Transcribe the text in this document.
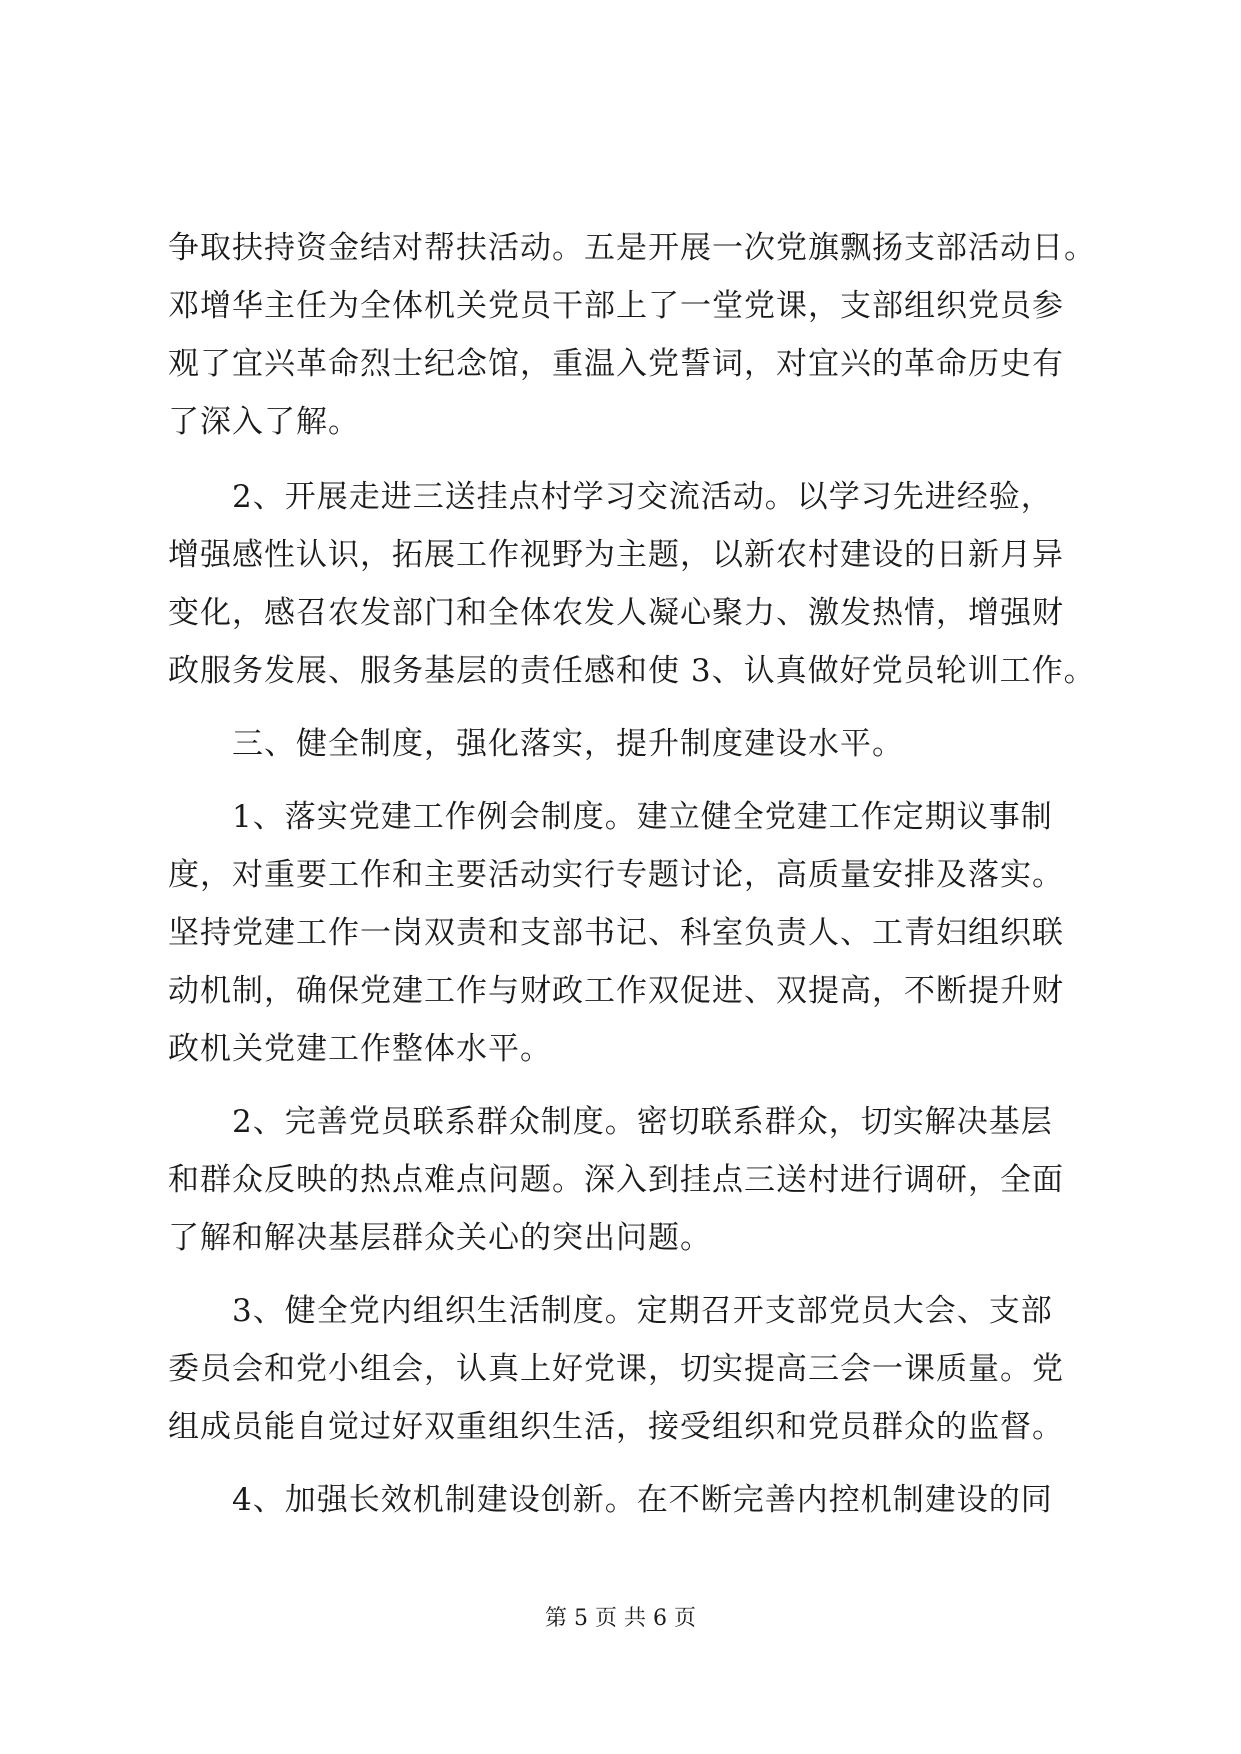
争取扶持资金结对帮扶活动。五是开展一次党旗飘扬支部活动日。
邓增华主任为全体机关党员干部上了一堂党课，支部组织党员参
观了宜兴革命烈士纪念馆，重温入党誓词，对宜兴的革命历史有
了深入了解。
　　2、开展走进三送挂点村学习交流活动。以学习先进经验，
增强感性认识，拓展工作视野为主题，以新农村建设的日新月异
变化，感召农发部门和全体农发人凝心聚力、激发热情，增强财
政服务发展、服务基层的责任感和使 3、认真做好党员轮训工作。
　　三、健全制度，强化落实，提升制度建设水平。
　　1、落实党建工作例会制度。建立健全党建工作定期议事制
度，对重要工作和主要活动实行专题讨论，高质量安排及落实。
坚持党建工作一岗双责和支部书记、科室负责人、工青妇组织联
动机制，确保党建工作与财政工作双促进、双提高，不断提升财
政机关党建工作整体水平。
　　2、完善党员联系群众制度。密切联系群众，切实解决基层
和群众反映的热点难点问题。深入到挂点三送村进行调研，全面
了解和解决基层群众关心的突出问题。
　　3、健全党内组织生活制度。定期召开支部党员大会、支部
委员会和党小组会，认真上好党课，切实提高三会一课质量。党
组成员能自觉过好双重组织生活，接受组织和党员群众的监督。
　　4、加强长效机制建设创新。在不断完善内控机制建设的同
第 5 页 共 6 页
